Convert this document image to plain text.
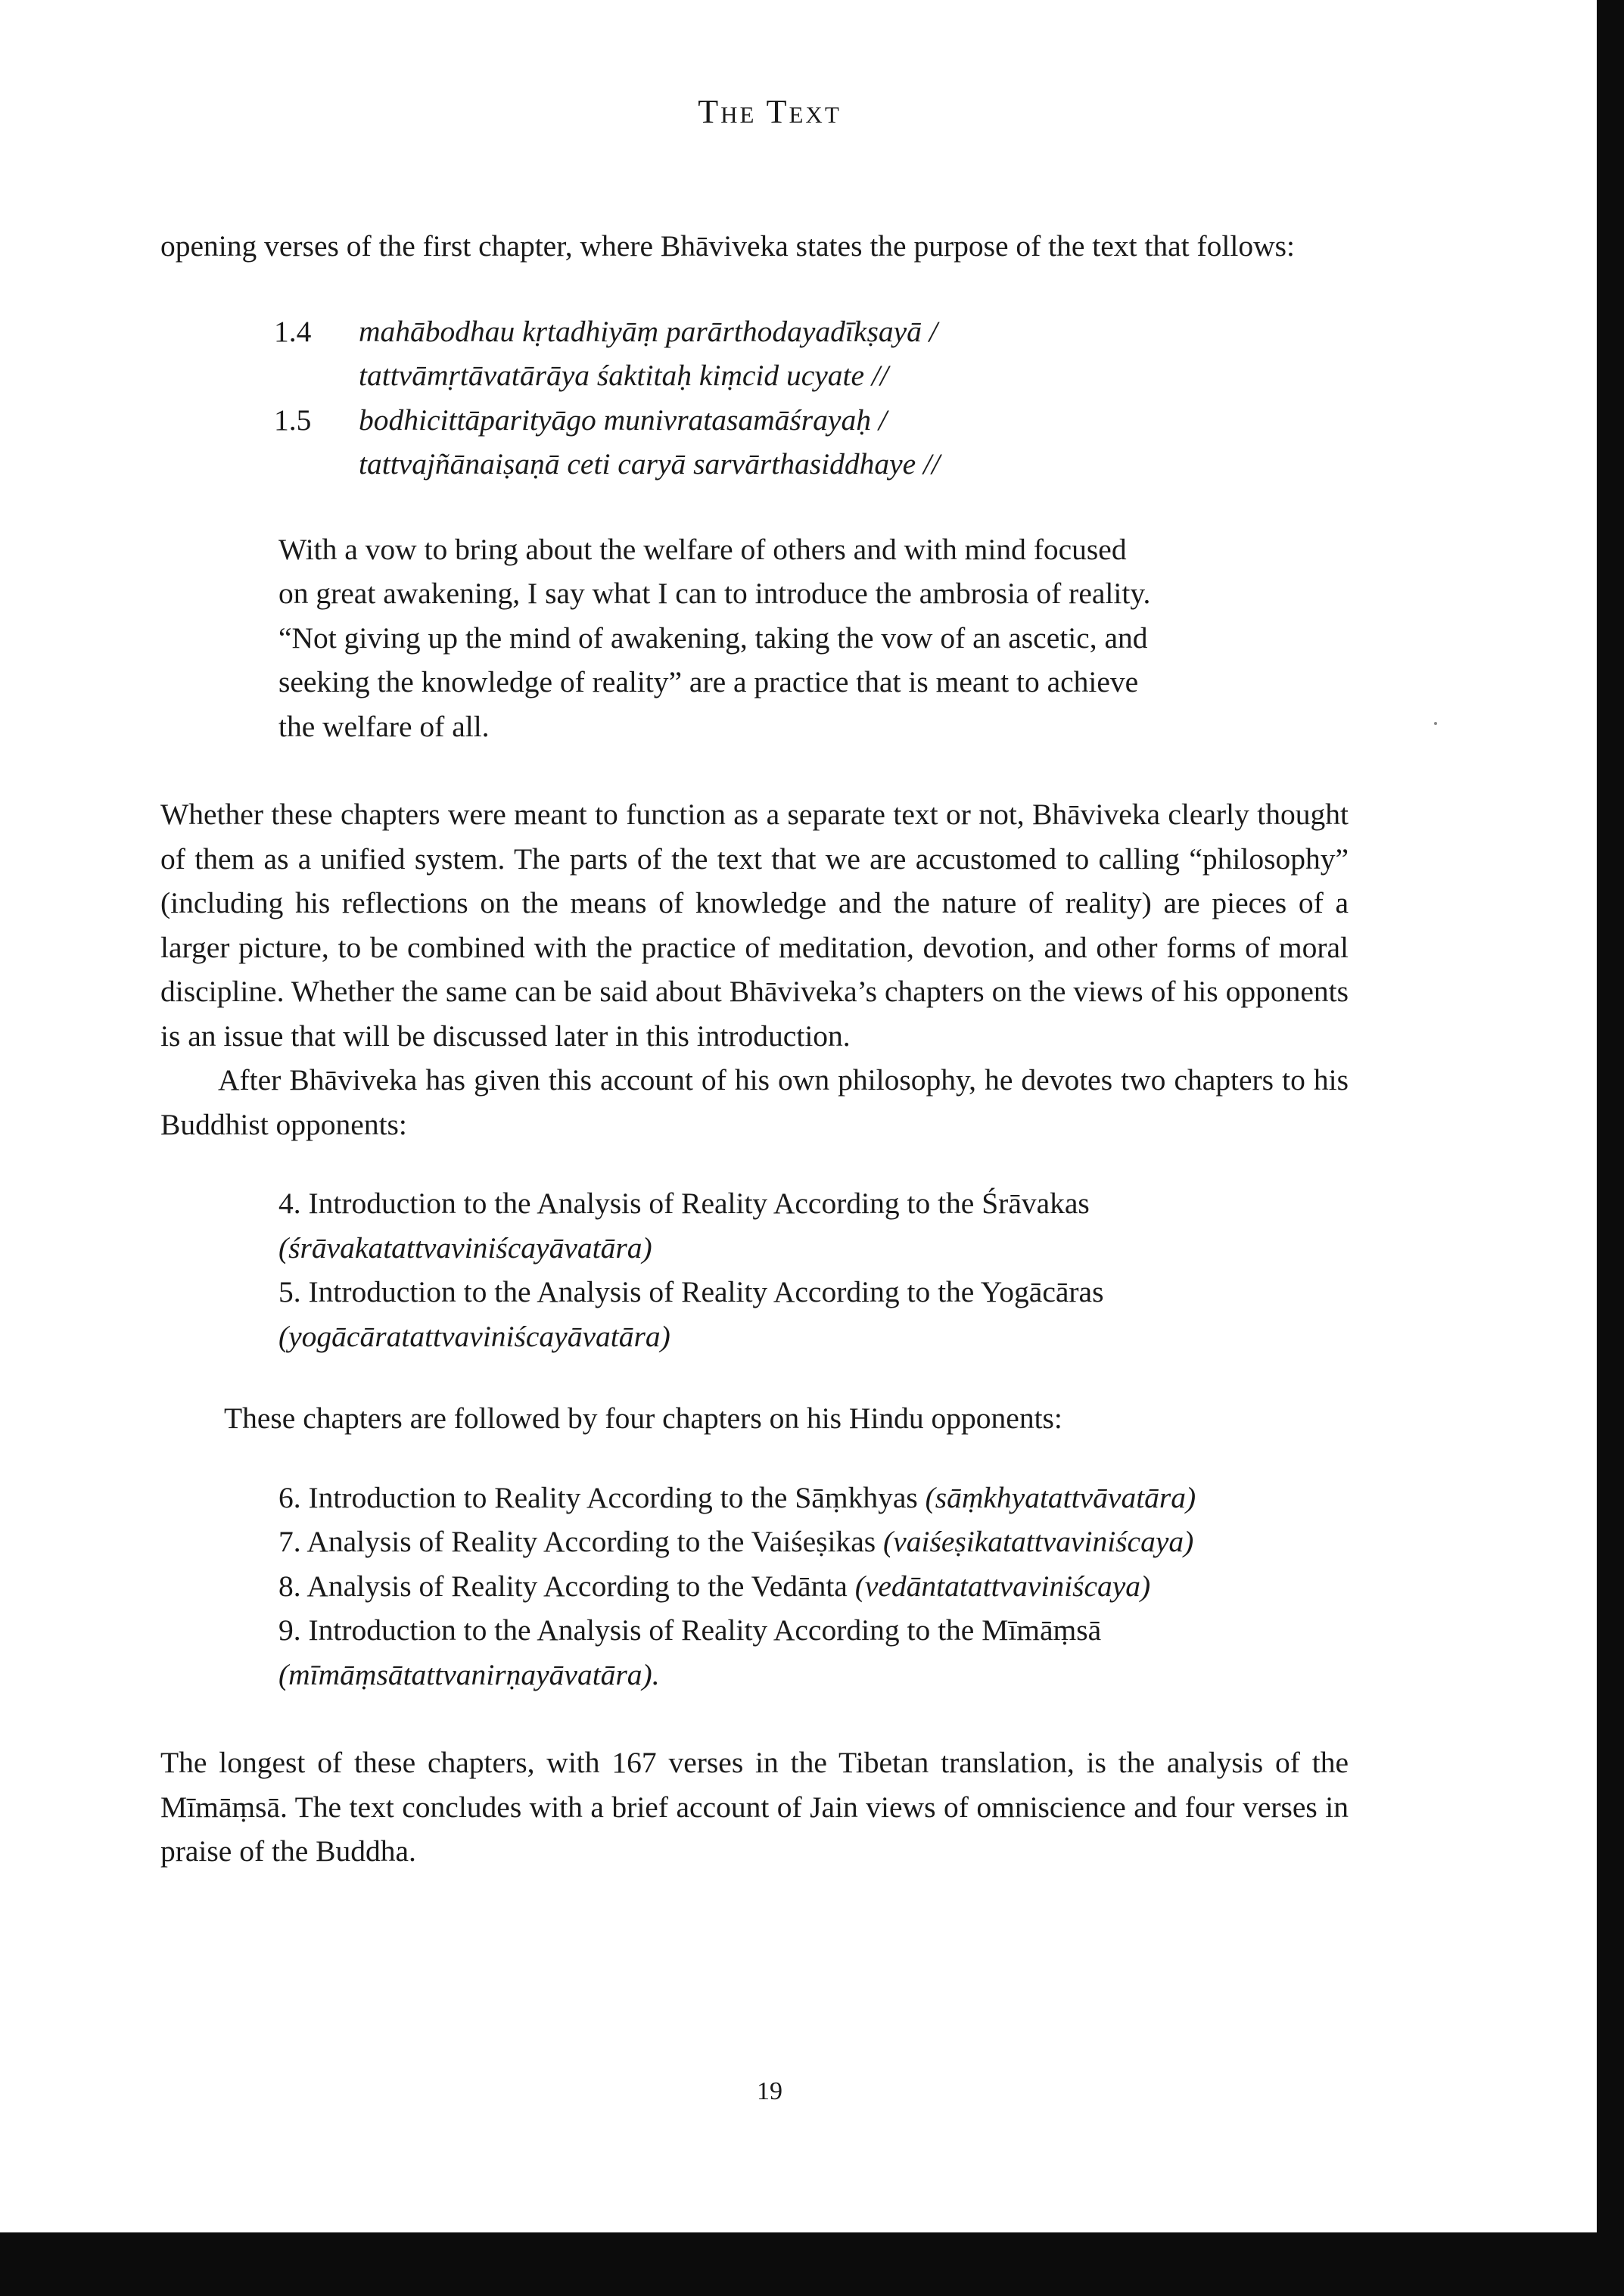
The Text

opening verses of the first chapter, where Bhāviveka states the purpose of the text that follows:

1.4	mahābodhau kṛtadhiyāṃ parārthodayadīkṣayā /
tattvāmṛtāvatārāya śaktitaḥ kiṃcid ucyate //
1.5	bodhicittāparityāgo munivratasamāśrayaḥ /
tattvajñānaiṣaṇā ceti caryā sarvārthasiddhaye //
With a vow to bring about the welfare of others and with mind focused
on great awakening, I say what I can to introduce the ambrosia of reality.
“Not giving up the mind of awakening, taking the vow of an ascetic, and
seeking the knowledge of reality” are a practice that is meant to achieve
the welfare of all.

Whether these chapters were meant to function as a separate text or not, Bhāviveka clearly thought of them as a unified system. The parts of the text that we are accustomed to calling “philosophy” (including his reflections on the means of knowledge and the nature of reality) are pieces of a larger picture, to be combined with the practice of meditation, devotion, and other forms of moral discipline. Whether the same can be said about Bhāviveka’s chapters on the views of his opponents is an issue that will be discussed later in this introduction.

After Bhāviveka has given this account of his own philosophy, he devotes two chapters to his Buddhist opponents:

4. Introduction to the Analysis of Reality According to the Śrāvakas
(śrāvakatattvaviniścayāvatāra)
5. Introduction to the Analysis of Reality According to the Yogācāras
(yogācāratattvaviniścayāvatāra)

These chapters are followed by four chapters on his Hindu opponents:

6. Introduction to Reality According to the Sāṃkhyas (sāṃkhyatattvāvatāra)
7. Analysis of Reality According to the Vaiśeṣikas (vaiśeṣikatattvaviniścaya)
8. Analysis of Reality According to the Vedānta (vedāntatattvaviniścaya)
9. Introduction to the Analysis of Reality According to the Mīmāṃsā
(mīmāṃsātattvanirṇayāvatāra).

The longest of these chapters, with 167 verses in the Tibetan translation, is the analysis of the Mīmāṃsā. The text concludes with a brief account of Jain views of omniscience and four verses in praise of the Buddha.

19
